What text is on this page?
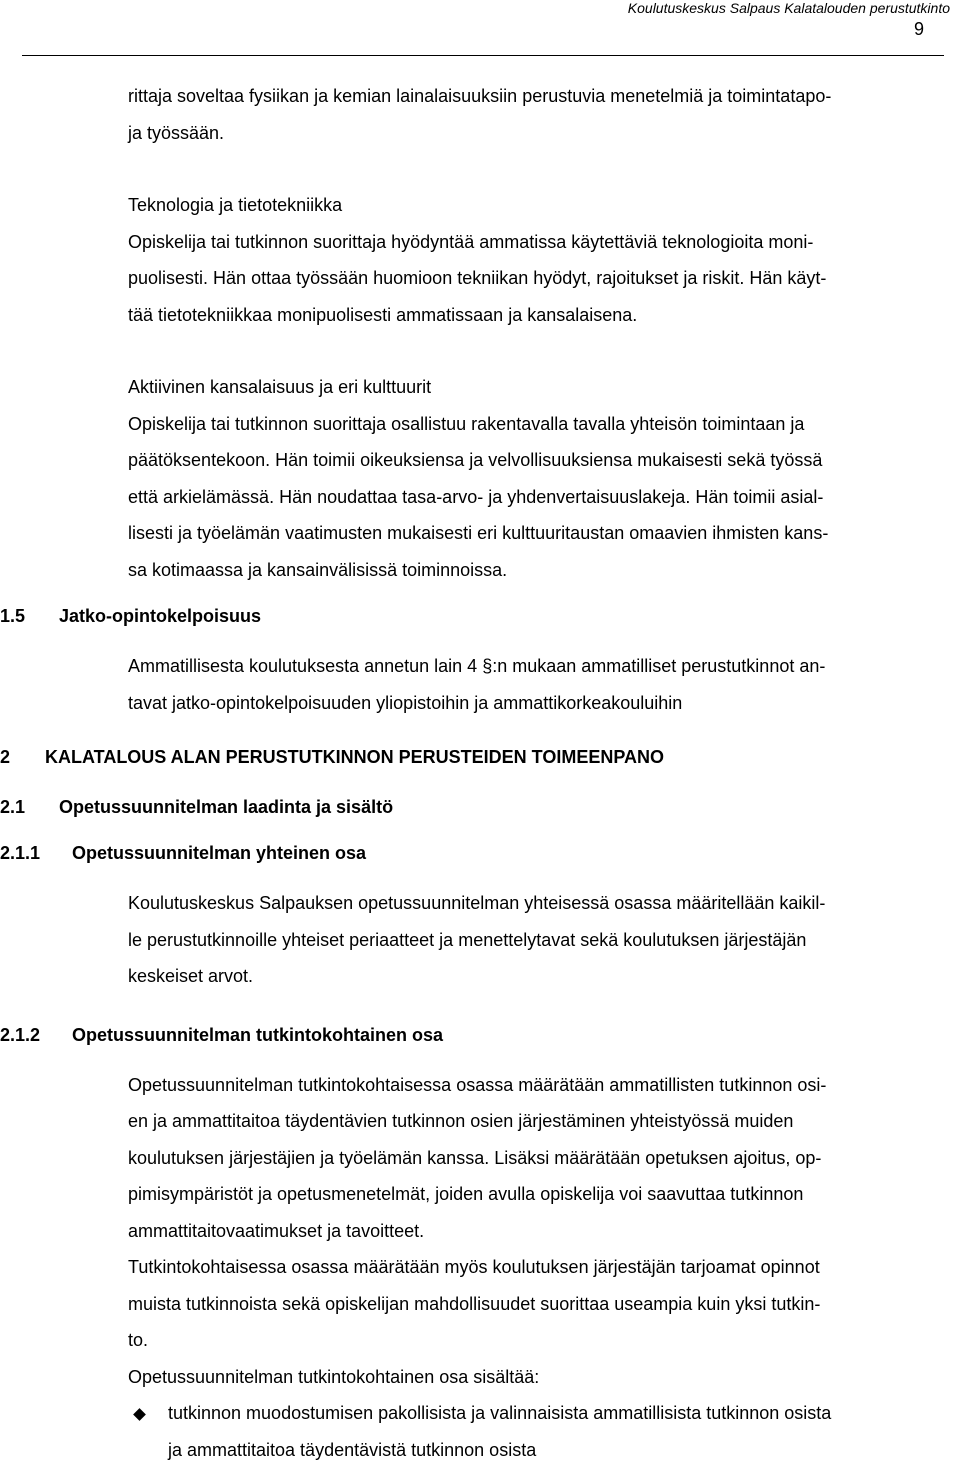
Koulutuskeskus Salpaus Kalatalouden perustutkinto
9

rittaja soveltaa fysiikan ja kemian lainalaisuuksiin perustuvia menetelmiä ja toimintatapo-
ja työssään.

Teknologia ja tietotekniikka
Opiskelija tai tutkinnon suorittaja hyödyntää ammatissa käytettäviä teknologioita moni-
puolisesti. Hän ottaa työssään huomioon tekniikan hyödyt, rajoitukset ja riskit. Hän käyt-
tää tietotekniikkaa monipuolisesti ammatissaan ja kansalaisena.

Aktiivinen kansalaisuus ja eri kulttuurit
Opiskelija tai tutkinnon suorittaja osallistuu rakentavalla tavalla yhteisön toimintaan ja
päätöksentekoon. Hän toimii oikeuksiensa ja velvollisuuksiensa mukaisesti sekä työssä
että arkielämässä. Hän noudattaa tasa-arvo- ja yhdenvertaisuuslakeja. Hän toimii asial-
lisesti ja työelämän vaatimusten mukaisesti eri kulttuuritaustan omaavien ihmisten kans-
sa kotimaassa ja kansainvälisissä toiminnoissa.

1.5 Jatko-opintokelpoisuus

Ammatillisesta koulutuksesta annetun lain 4 §:n mukaan ammatilliset perustutkinnot an-
tavat jatko-opintokelpoisuuden yliopistoihin ja ammattikorkeakouluihin

2 KALATALOUS ALAN PERUSTUTKINNON PERUSTEIDEN TOIMEENPANO
2.1 Opetussuunnitelman laadinta ja sisältö
2.1.1 Opetussuunnitelman yhteinen osa

Koulutuskeskus Salpauksen opetussuunnitelman yhteisessä osassa määritellään kaikil-
le perustutkinnoille yhteiset periaatteet ja menettelytavat sekä koulutuksen järjestäjän
keskeiset arvot.

2.1.2 Opetussuunnitelman tutkintokohtainen osa

Opetussuunnitelman tutkintokohtaisessa osassa määrätään ammatillisten tutkinnon osi-
en ja ammattitaitoa täydentävien tutkinnon osien järjestäminen yhteistyössä muiden
koulutuksen järjestäjien ja työelämän kanssa. Lisäksi määrätään opetuksen ajoitus, op-
pimisympäristöt ja opetusmenetelmät, joiden avulla opiskelija voi saavuttaa tutkinnon
ammattitaitovaatimukset ja tavoitteet.
Tutkintokohtaisessa osassa määrätään myös koulutuksen järjestäjän tarjoamat opinnot
muista tutkinnoista sekä opiskelijan mahdollisuudet suorittaa useampia kuin yksi tutkin-
to.
Opetussuunnitelman tutkintokohtainen osa sisältää:

tutkinnon muodostumisen pakollisista ja valinnaisista ammatillisista tutkinnon osista
ja ammattitaitoa täydentävistä tutkinnon osista
